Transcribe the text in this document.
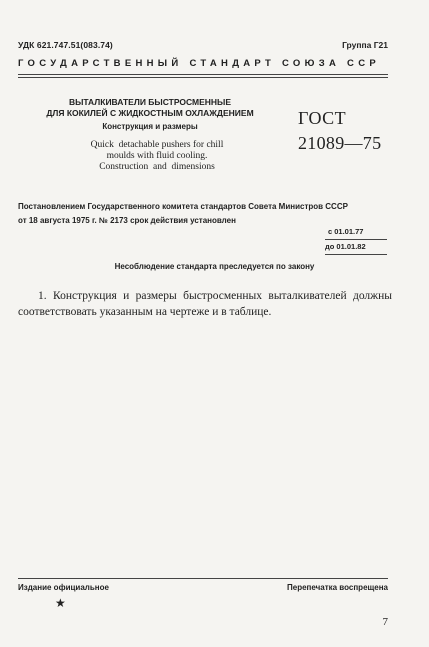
УДК 621.747.51(083.74)	Группа Г21
ГОСУДАРСТВЕННЫЙ СТАНДАРТ СОЮЗА ССР
ВЫТАЛКИВАТЕЛИ БЫСТРОСМЕННЫЕ
ДЛЯ КОКИЛЕЙ С ЖИДКОСТНЫМ ОХЛАЖДЕНИЕМ
Конструкция и размеры
Quick  detachable pushers for chill
moulds with fluid cooling.
Construction  and  dimensions
ГОСТ
21089—75
Постановлением Государственного комитета стандартов Совета Министров СССР
от 18 августа 1975 г. № 2173 срок действия установлен
с 01.01.77
до 01.01.82
Несоблюдение стандарта преследуется по закону
1. Конструкция и размеры быстросменных выталкивателей должны соответствовать указанным на чертеже и в таблице.
Издание официальное
★
Перепечатка воспрещена
7
